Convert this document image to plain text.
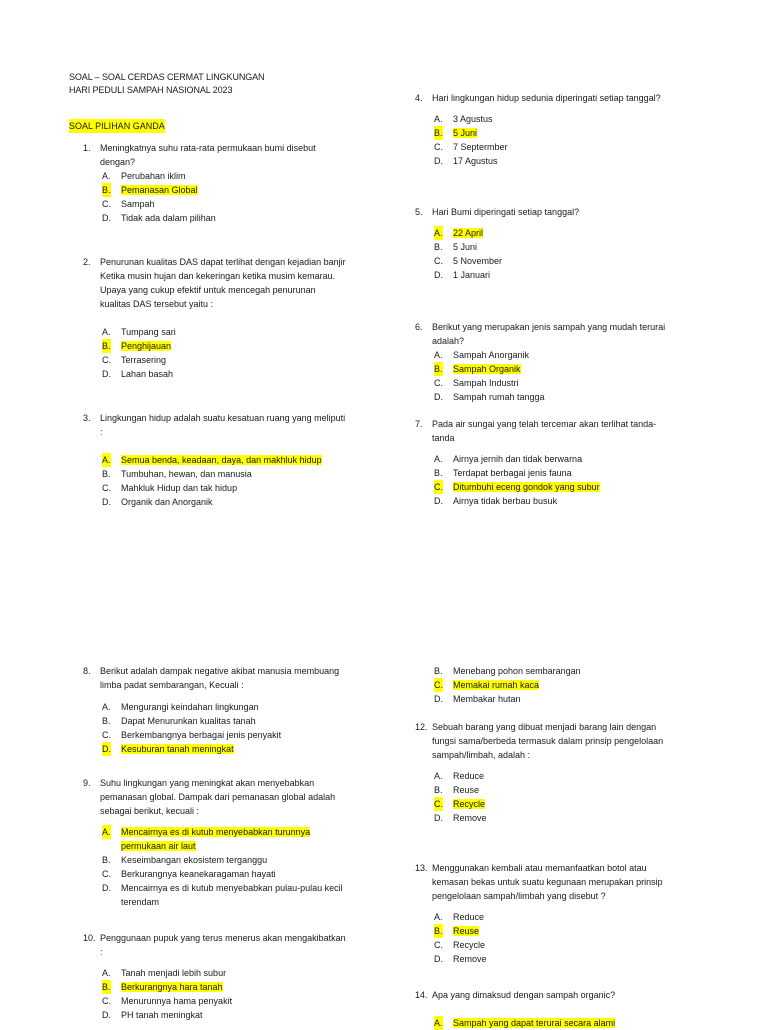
SOAL – SOAL CERDAS CERMAT LINGKUNGAN
HARI PEDULI SAMPAH NASIONAL 2023
SOAL PILIHAN GANDA
1. Meningkatnya suhu rata-rata permukaan bumi disebut
dengan?
A. Perubahan iklim
B. Pemanasan Global
C. Sampah
D. Tidak ada dalam pilihan
2. Penurunan kualitas DAS dapat terlihat dengan kejadian banjir
Ketika musin hujan dan kekeringan ketika musim kemarau.
Upaya yang cukup efektif untuk mencegah penurunan
kualitas DAS tersebut yaitu :
A. Tumpang sari
B. Penghijauan
C. Terrasering
D. Lahan basah
3. Lingkungan hidup adalah suatu kesatuan ruang yang meliputi
:
A. Semua benda, keadaan, daya, dan makhluk hidup
B. Tumbuhan, hewan, dan manusia
C. Mahkluk Hidup dan tak hidup
D. Organik dan Anorganik
4. Hari lingkungan hidup sedunia diperingati setiap tanggal?
A. 3 Agustus
B. 5 Juni
C. 7 Septermber
D. 17 Agustus
5. Hari Bumi diperingati setiap tanggal?
A. 22 April
B. 5 Juni
C. 5 November
D. 1 Januari
6. Berikut yang merupakan jenis sampah yang mudah terurai
adalah?
A. Sampah Anorganik
B. Sampah Organik
C. Sampah Industri
D. Sampah rumah tangga
7. Pada air sungai yang telah tercemar akan terlihat tanda-
tanda
A. Airnya jernih dan tidak berwarna
B. Terdapat berbagai jenis fauna
C. Ditumbuhi eceng gondok yang subur
D. Airnya tidak berbau busuk
8. Berikut adalah dampak negative akibat manusia membuang
limba padat sembarangan, Kecuali :
A. Mengurangi keindahan lingkungan
B. Dapat Menurunkan kualitas tanah
C. Berkembangnya berbagai jenis penyakit
D. Kesuburan tanah meningkat
9. Suhu lingkungan yang meningkat akan menyebabkan
pemanasan global. Dampak dari pemanasan global adalah
sebagai berikut, kecuali :
A. Mencairnya es di kutub menyebabkan turunnya
permukaan air laut
B. Keseimbangan ekosistem terganggu
C. Berkurangnya keanekaragaman hayati
D. Mencairnya es di kutub menyebabkan pulau-pulau kecil
terendam
10. Penggunaan pupuk yang terus menerus akan mengakibatkan
:
A. Tanah menjadi lebih subur
B. Berkurangnya hara tanah
C. Menurunnya hama penyakit
D. PH tanah meningkat
B. Menebang pohon sembarangan
C. Memakai rumah kaca
D. Membakar hutan
12. Sebuah barang yang dibuat menjadi barang lain dengan
fungsi sama/berbeda termasuk dalam prinsip pengelolaan
sampah/limbah, adalah :
A. Reduce
B. Reuse
C. Recycle
D. Remove
13. Menggunakan kembali atau memanfaatkan botol atau
kemasan bekas untuk suatu kegunaan merupakan prinsip
pengelolaan sampah/limbah yang disebut ?
A. Reduce
B. Reuse
C. Recycle
D. Remove
14. Apa yang dimaksud dengan sampah organic?
A. Sampah yang dapat terurai secara alami
